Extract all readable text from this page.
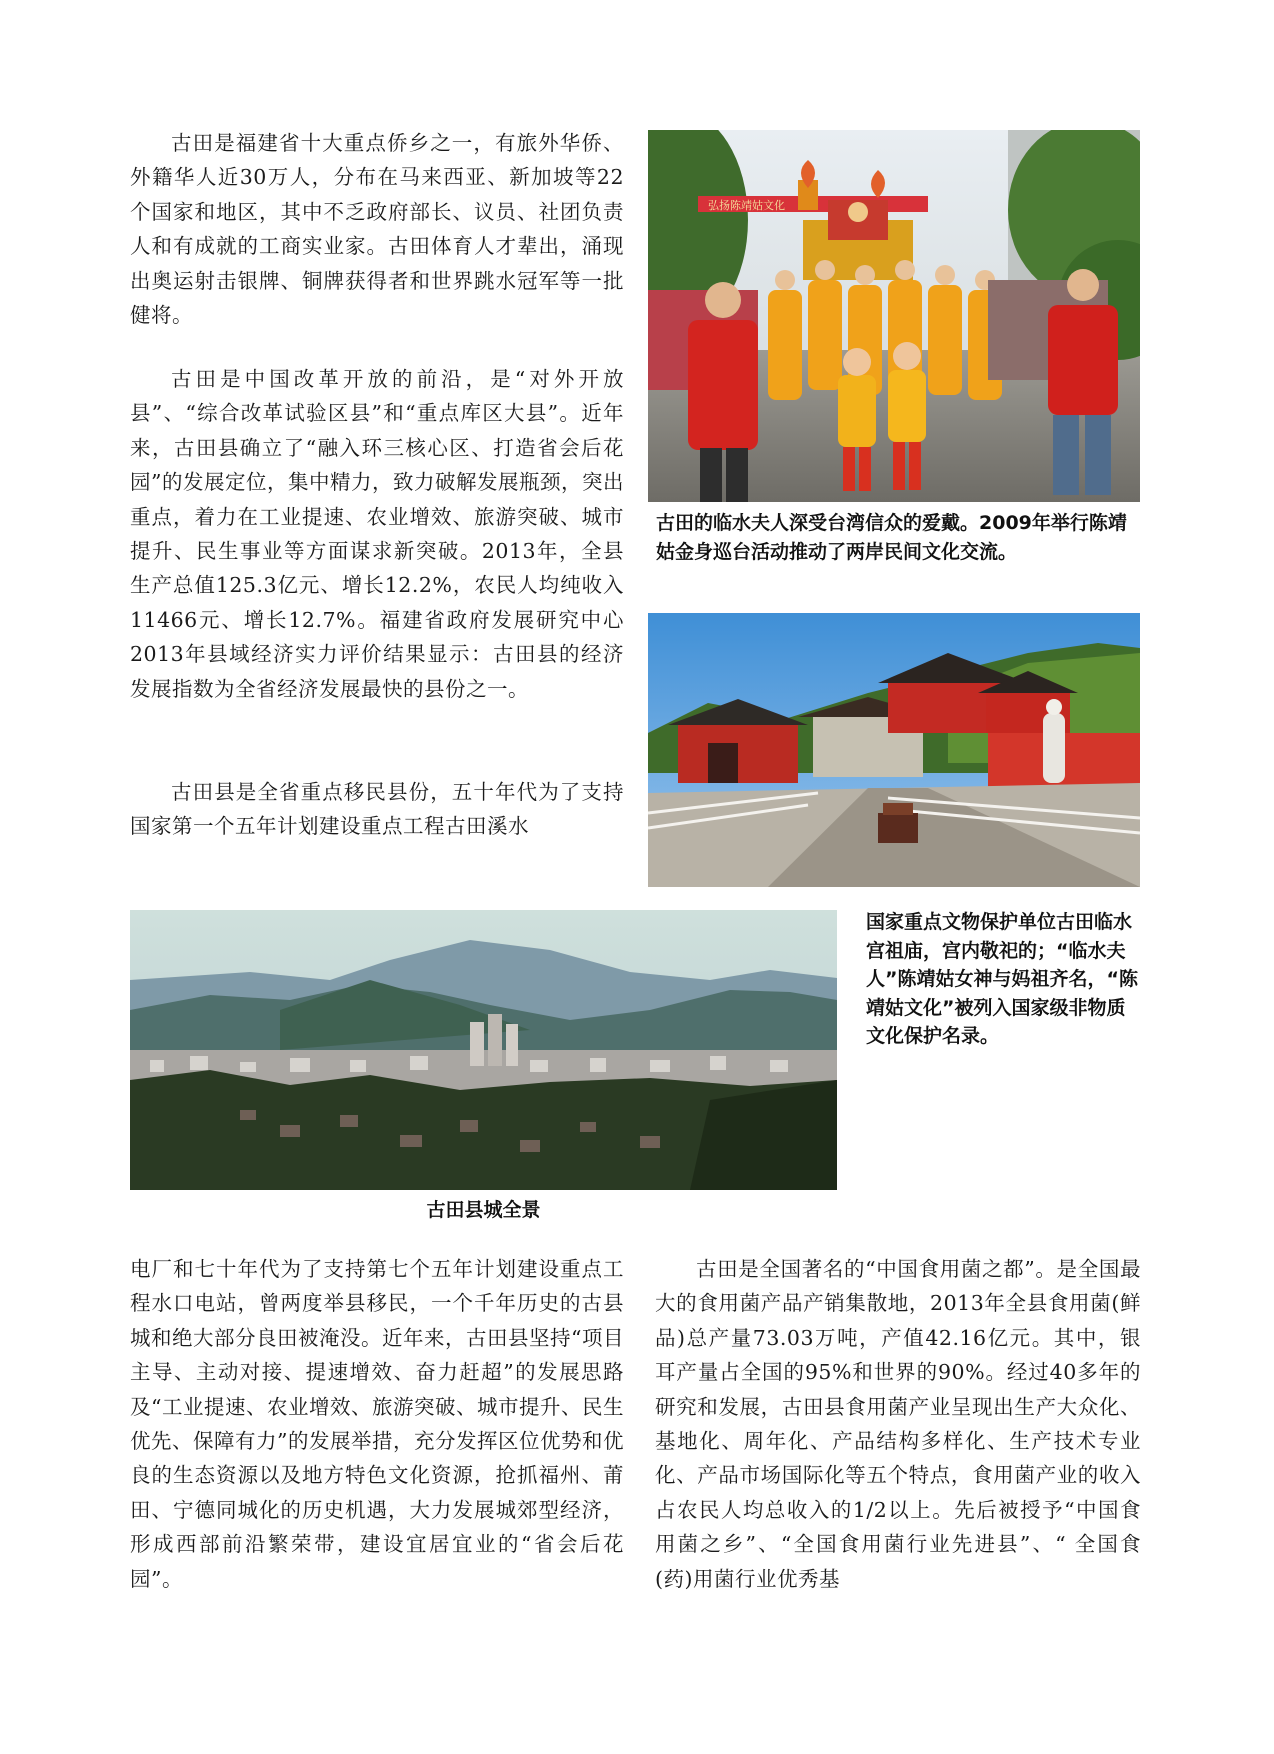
古田是福建省十大重点侨乡之一，有旅外华侨、外籍华人近30万人，分布在马来西亚、新加坡等22个国家和地区，其中不乏政府部长、议员、社团负责人和有成就的工商实业家。古田体育人才辈出，涌现出奥运射击银牌、铜牌获得者和世界跳水冠军等一批健将。

古田是中国改革开放的前沿，是“对外开放县”、“综合改革试验区县”和“重点库区大县”。近年来，古田县确立了“融入环三核心区、打造省会后花园”的发展定位，集中精力，致力破解发展瓶颈，突出重点，着力在工业提速、农业增效、旅游突破、城市提升、民生事业等方面谋求新突破。2013年，全县生产总值125.3亿元、增长12.2%，农民人均纯收入11466元、增长12.7%。福建省政府发展研究中心2013年县域经济实力评价结果显示：古田县的经济发展指数为全省经济发展最快的县份之一。

古田县是全省重点移民县份，五十年代为了支持国家第一个五年计划建设重点工程古田溪水

电厂和七十年代为了支持第七个五年计划建设重点工程水口电站，曾两度举县移民，一个千年历史的古县城和绝大部分良田被淹没。近年来，古田县坚持“项目主导、主动对接、提速增效、奋力赶超”的发展思路及“工业提速、农业增效、旅游突破、城市提升、民生优先、保障有力”的发展举措，充分发挥区位优势和优良的生态资源以及地方特色文化资源，抢抓福州、莆田、宁德同城化的历史机遇，大力发展城郊型经济，形成西部前沿繁荣带，建设宜居宜业的“省会后花园”。

古田是全国著名的“中国食用菌之都”。是全国最大的食用菌产品产销集散地，2013年全县食用菌(鲜品)总产量73.03万吨，产值42.16亿元。其中，银耳产量占全国的95%和世界的90%。经过40多年的研究和发展，古田县食用菌产业呈现出生产大众化、基地化、周年化、产品结构多样化、生产技术专业化、产品市场国际化等五个特点，食用菌产业的收入占农民人均总收入的1/2以上。先后被授予“中国食用菌之乡”、“全国食用菌行业先进县”、“ 全国食(药)用菌行业优秀基

弘扬陈靖姑文化

古田的临水夫人深受台湾信众的爱戴。2009年举行陈靖姑金身巡台活动推动了两岸民间文化交流。

国家重点文物保护单位古田临水宫祖庙，宫内敬祀的；“临水夫人”陈靖姑女神与妈祖齐名，“陈靖姑文化”被列入国家级非物质文化保护名录。

古田县城全景
